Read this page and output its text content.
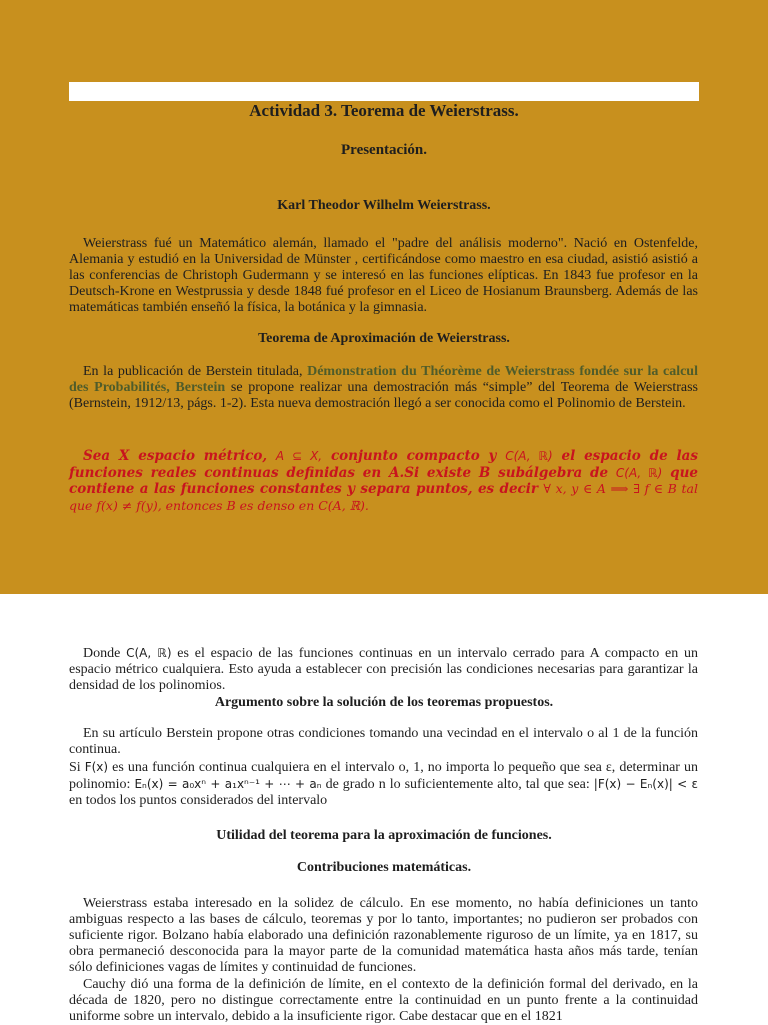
Actividad 3. Teorema de Weierstrass.
Presentación.
Karl Theodor Wilhelm Weierstrass.

Weierstrass fué un Matemático alemán, llamado el "padre del análisis moderno". Nació en Ostenfelde, Alemania y estudió en la Universidad de Münster , certificándose como maestro en esa ciudad, asistió asistió a las conferencias de Christoph Gudermann y se interesó en las funciones elípticas. En 1843 fue profesor en la Deutsch-Krone en Westprussia y desde 1848 fué profesor en el Liceo de Hosianum Braunsberg. Además de las matemáticas también enseñó la física, la botánica y la gimnasia.

Teorema de Aproximación de Weierstrass.

En la publicación de Berstein titulada, Démonstration du Théorème de Weierstrass fondée sur la calcul des Probabilités, Berstein se propone realizar una demostración más “simple” del Teorema de Weierstrass (Bernstein, 1912/13, págs. 1-2). Esta nueva demostración llegó a ser conocida como el Polinomio de Berstein.

Sea X espacio métrico, A ⊆ X, conjunto compacto y C(A, ℝ) el espacio de las funciones reales continuas definidas en A.Si existe B subálgebra de C(A, ℝ) que contiene a las funciones constantes y separa puntos, es decir ∀ x, y ∈ A ⟹ ∃ f ∈ B tal que f(x) ≠ f(y), entonces B es denso en C(A, ℝ).

Donde C(A, ℝ) es el espacio de las funciones continuas en un intervalo cerrado para A compacto en un espacio métrico cualquiera. Esto ayuda a establecer con precisión las condiciones necesarias para garantizar la densidad de los polinomios.

Argumento sobre la solución de los teoremas propuestos.

En su artículo Berstein propone otras condiciones tomando una vecindad en el intervalo o al 1 de la función continua.

Si F(x) es una función continua cualquiera en el intervalo o, 1, no importa lo pequeño que sea ε, determinar un polinomio: Eₙ(x) = a₀xⁿ + a₁xⁿ⁻¹ + ⋯ + aₙ de grado n lo suficientemente alto, tal que sea: |F(x) − Eₙ(x)| < ε en todos los puntos considerados del intervalo

Utilidad del teorema para la aproximación de funciones.
Contribuciones matemáticas.

Weierstrass estaba interesado en la solidez de cálculo. En ese momento, no había definiciones un tanto ambiguas respecto a las bases de cálculo, teoremas y por lo tanto, importantes; no pudieron ser probados con suficiente rigor. Bolzano había elaborado una definición razonablemente riguroso de un límite, ya en 1817, su obra permaneció desconocida para la mayor parte de la comunidad matemática hasta años más tarde, tenían sólo definiciones vagas de límites y continuidad de funciones.

Cauchy dió una forma de la definición de límite, en el contexto de la definición formal del derivado, en la década de 1820, pero no distingue correctamente entre la continuidad en un punto frente a la continuidad uniforme sobre un intervalo, debido a la insuficiente rigor. Cabe destacar que en el 1821
